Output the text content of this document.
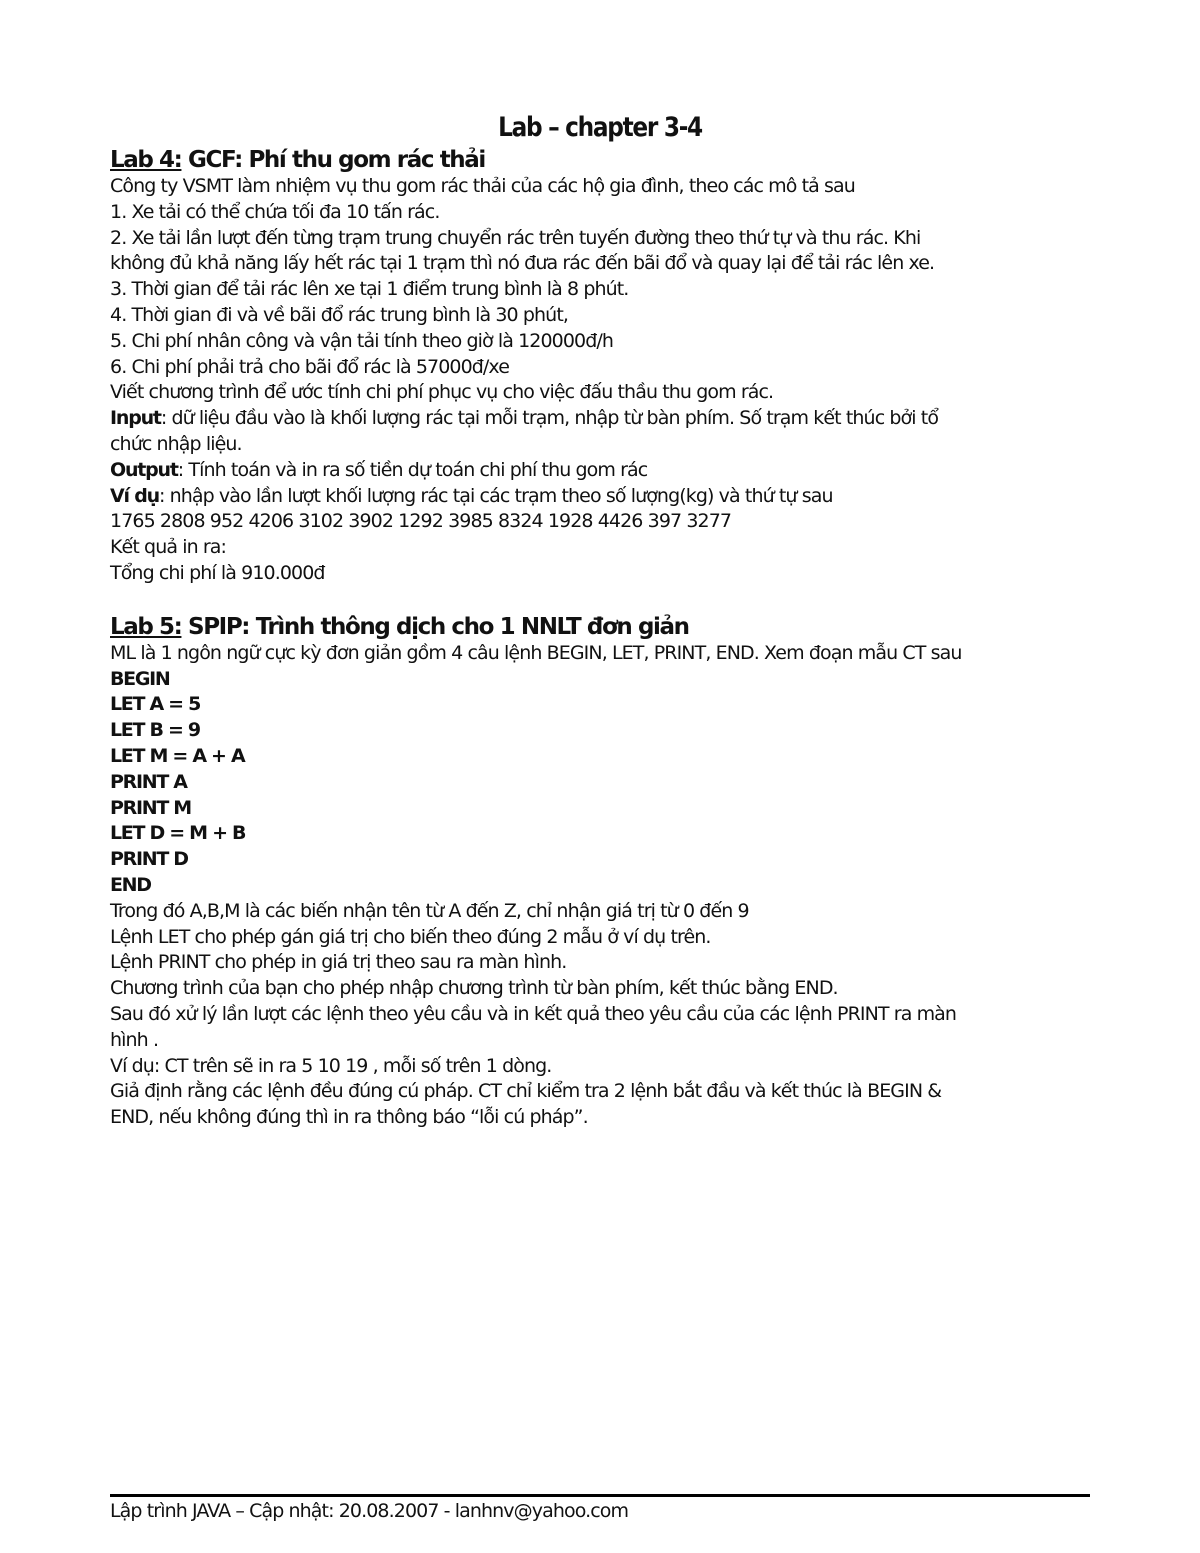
Lab – chapter 3-4
Lab 4: GCF: Phí thu gom rác thải
Công ty VSMT làm nhiệm vụ thu gom rác thải của các hộ gia đình, theo các mô tả sau
1. Xe tải có thể chứa tối đa 10 tấn rác.
2. Xe tải lần lượt đến từng trạm trung chuyển rác trên tuyến đường theo thứ tự và thu rác. Khi
không đủ khả năng lấy hết rác tại 1 trạm thì nó đưa rác đến bãi đổ và quay lại để tải rác lên xe.
3. Thời gian để tải rác lên xe tại 1 điểm trung bình là 8 phút.
4. Thời gian đi và về bãi đổ rác trung bình là 30 phút,
5. Chi phí nhân công và vận tải tính theo giờ là 120000đ/h
6. Chi phí phải trả cho bãi đổ rác là 57000đ/xe
Viết chương trình để ước tính chi phí phục vụ cho việc đấu thầu thu gom rác.
Input: dữ liệu đầu vào là khối lượng rác tại mỗi trạm, nhập từ bàn phím. Số trạm kết thúc bởi tổ
chức nhập liệu.
Output: Tính toán và in ra số tiền dự toán chi phí thu gom rác
Ví dụ: nhập vào lần lượt khối lượng rác tại các trạm theo số lượng(kg) và thứ tự sau
1765 2808 952 4206 3102 3902 1292 3985 8324 1928 4426 397 3277
Kết quả in ra:
Tổng chi phí là 910.000đ
Lab 5: SPIP: Trình thông dịch cho 1 NNLT đơn giản
ML là 1 ngôn ngữ cực kỳ đơn giản gồm 4 câu lệnh BEGIN, LET, PRINT, END. Xem đoạn mẫu CT sau
BEGIN
LET A = 5
LET B = 9
LET M = A + A
PRINT A
PRINT M
LET D = M + B
PRINT D
END
Trong đó A,B,M là các biến nhận tên từ A đến Z, chỉ nhận giá trị từ 0 đến 9
Lệnh LET cho phép gán giá trị cho biến theo đúng 2 mẫu ở ví dụ trên.
Lệnh PRINT cho phép in giá trị theo sau ra màn hình.
Chương trình của bạn cho phép nhập chương trình từ bàn phím, kết thúc bằng END.
Sau đó xử lý lần lượt các lệnh theo yêu cầu và in kết quả theo yêu cầu của các lệnh PRINT ra màn
hình .
Ví dụ: CT trên sẽ in ra 5 10 19 , mỗi số trên 1 dòng.
Giả định rằng các lệnh đều đúng cú pháp. CT chỉ kiểm tra 2 lệnh bắt đầu và kết thúc là BEGIN &
END, nếu không đúng thì in ra thông báo “lỗi cú pháp”.
Lập trình JAVA – Cập nhật: 20.08.2007 - lanhnv@yahoo.com
